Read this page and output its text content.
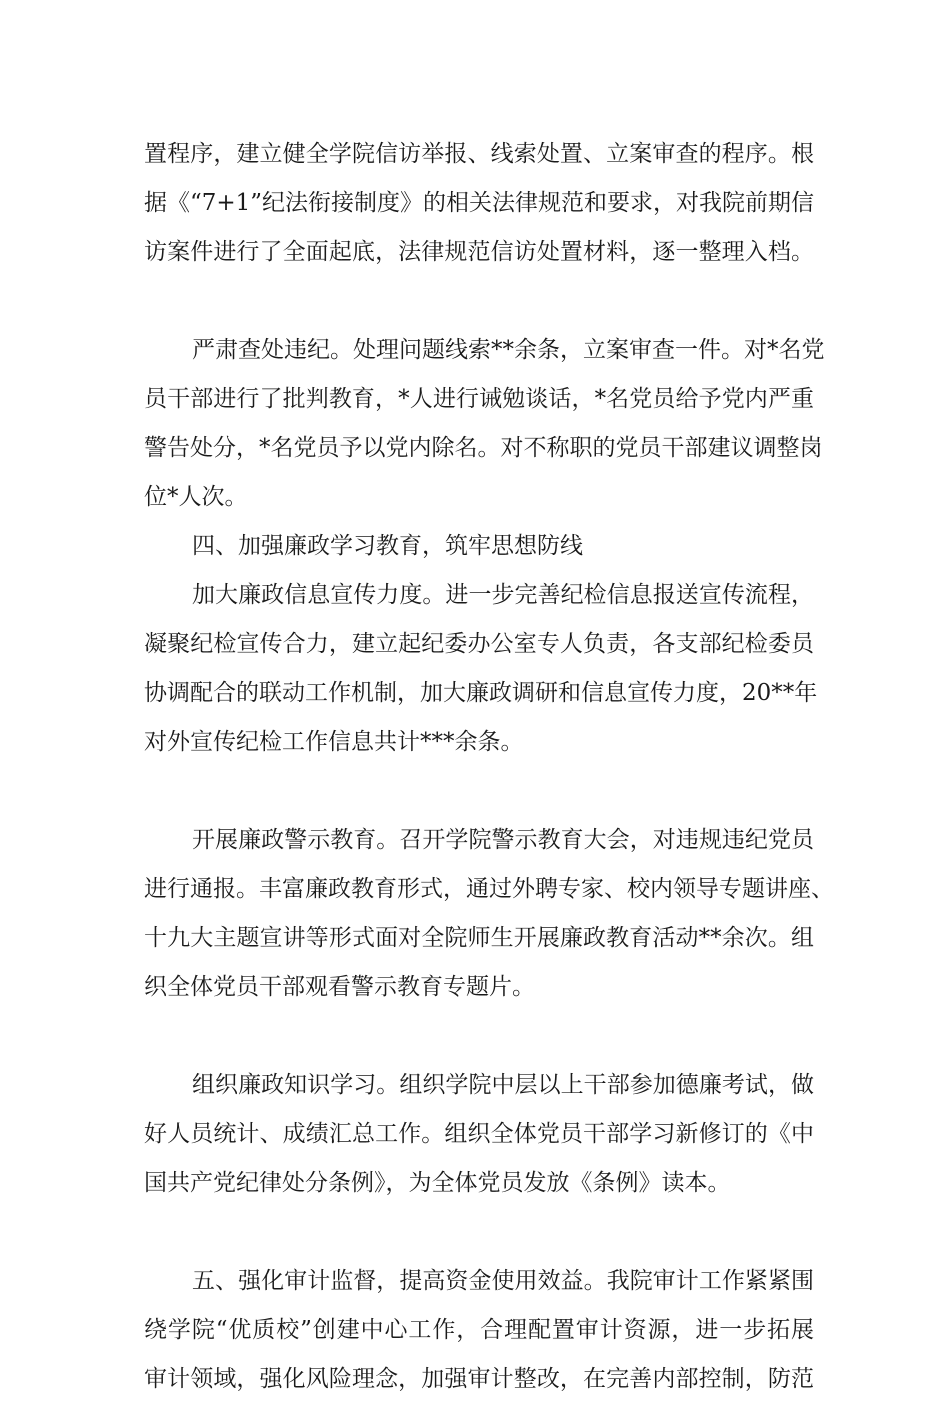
置程序，建立健全学院信访举报、线索处置、立案审查的程序。根
据《“7+1”纪法衔接制度》的相关法律规范和要求，对我院前期信
访案件进行了全面起底，法律规范信访处置材料，逐一整理入档。
严肃查处违纪。处理问题线索**余条，立案审查一件。对*名党
员干部进行了批判教育，*人进行诫勉谈话，*名党员给予党内严重
警告处分，*名党员予以党内除名。对不称职的党员干部建议调整岗
位*人次。
四、加强廉政学习教育，筑牢思想防线
加大廉政信息宣传力度。进一步完善纪检信息报送宣传流程，
凝聚纪检宣传合力，建立起纪委办公室专人负责，各支部纪检委员
协调配合的联动工作机制，加大廉政调研和信息宣传力度，20**年
对外宣传纪检工作信息共计***余条。
开展廉政警示教育。召开学院警示教育大会，对违规违纪党员
进行通报。丰富廉政教育形式，通过外聘专家、校内领导专题讲座、
十九大主题宣讲等形式面对全院师生开展廉政教育活动**余次。组
织全体党员干部观看警示教育专题片。
组织廉政知识学习。组织学院中层以上干部参加德廉考试，做
好人员统计、成绩汇总工作。组织全体党员干部学习新修订的《中
国共产党纪律处分条例》，为全体党员发放《条例》读本。
五、强化审计监督，提高资金使用效益。我院审计工作紧紧围
绕学院“优质校”创建中心工作，合理配置审计资源，进一步拓展
审计领域，强化风险理念，加强审计整改，在完善内部控制，防范
